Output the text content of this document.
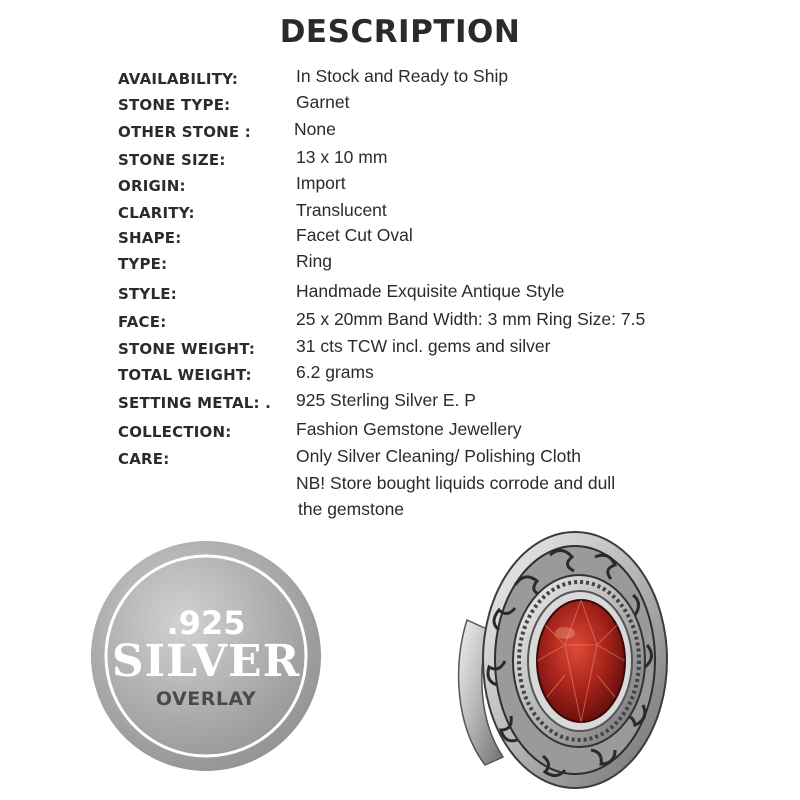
DESCRIPTION
AVAILABILITY:	In Stock and Ready to Ship
STONE TYPE:	Garnet
OTHER STONE : None
STONE SIZE:	13 x 10 mm
ORIGIN:	Import
CLARITY:	Translucent
SHAPE:	Facet Cut Oval
TYPE:	Ring
STYLE:	Handmade Exquisite Antique Style
FACE:	25 x 20mm Band Width: 3 mm Ring Size: 7.5
STONE WEIGHT: 31 cts TCW incl. gems and silver
TOTAL WEIGHT:	6.2 grams
SETTING METAL: . 925 Sterling Silver E. P
COLLECTION:	Fashion Gemstone Jewellery
CARE:	Only Silver Cleaning/ Polishing Cloth
NB! Store bought liquids corrode and dull
the gemstone
.925
SILVER
OVERLAY
